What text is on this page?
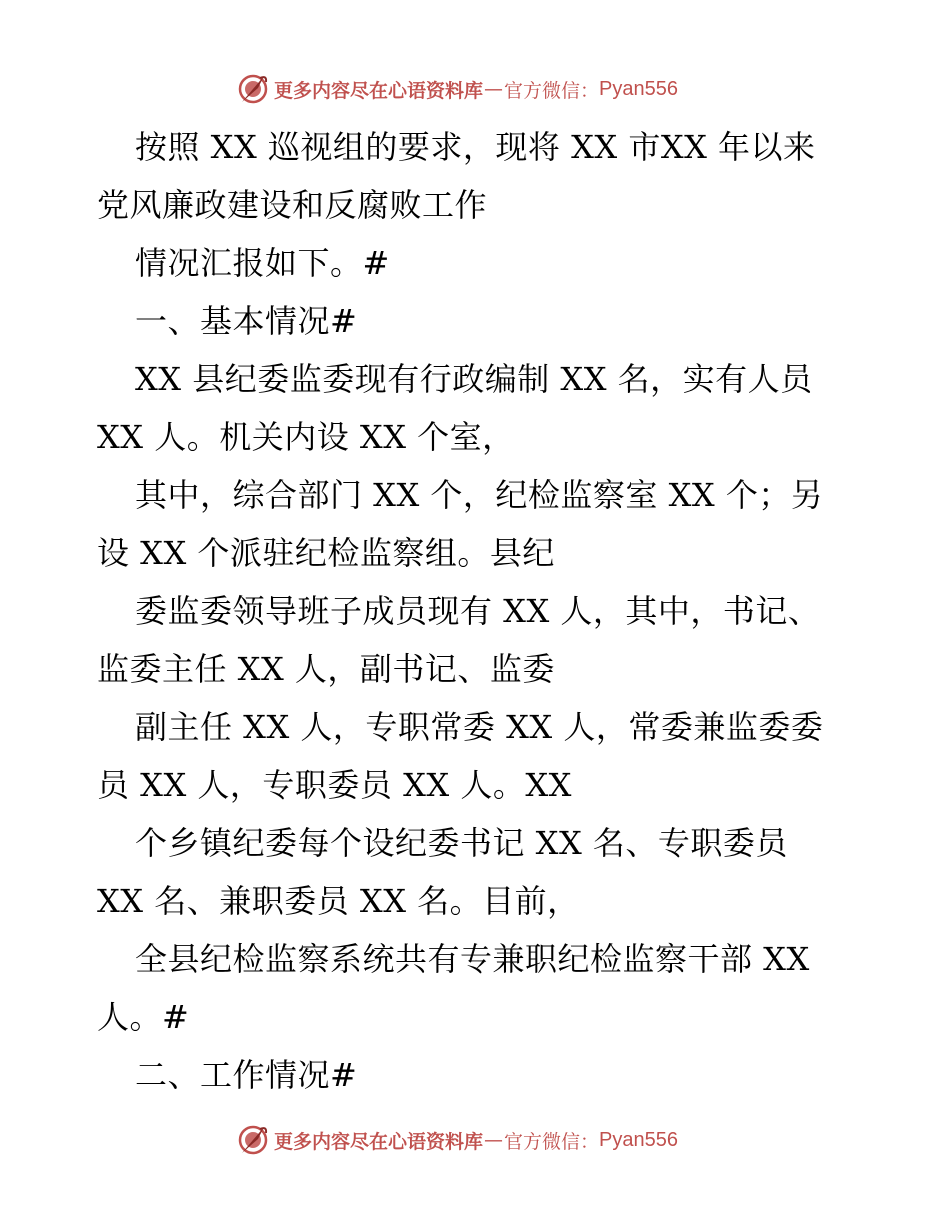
更多内容尽在心语资料库 — 官方微信： Pyan556
按照 XX 巡视组的要求，现将 XX 市XX 年以来
党风廉政建设和反腐败工作
情况汇报如下。#
一、基本情况#
XX 县纪委监委现有行政编制 XX 名，实有人员
XX 人。机关内设 XX 个室，
其中，综合部门 XX 个，纪检监察室 XX 个；另
设 XX 个派驻纪检监察组。县纪
委监委领导班子成员现有 XX 人，其中，书记、
监委主任 XX 人，副书记、监委
副主任 XX 人，专职常委 XX 人，常委兼监委委
员 XX 人，专职委员 XX 人。XX
个乡镇纪委每个设纪委书记 XX 名、专职委员
XX 名、兼职委员 XX 名。目前，
全县纪检监察系统共有专兼职纪检监察干部 XX
人。#
二、工作情况#
更多内容尽在心语资料库 — 官方微信： Pyan556
